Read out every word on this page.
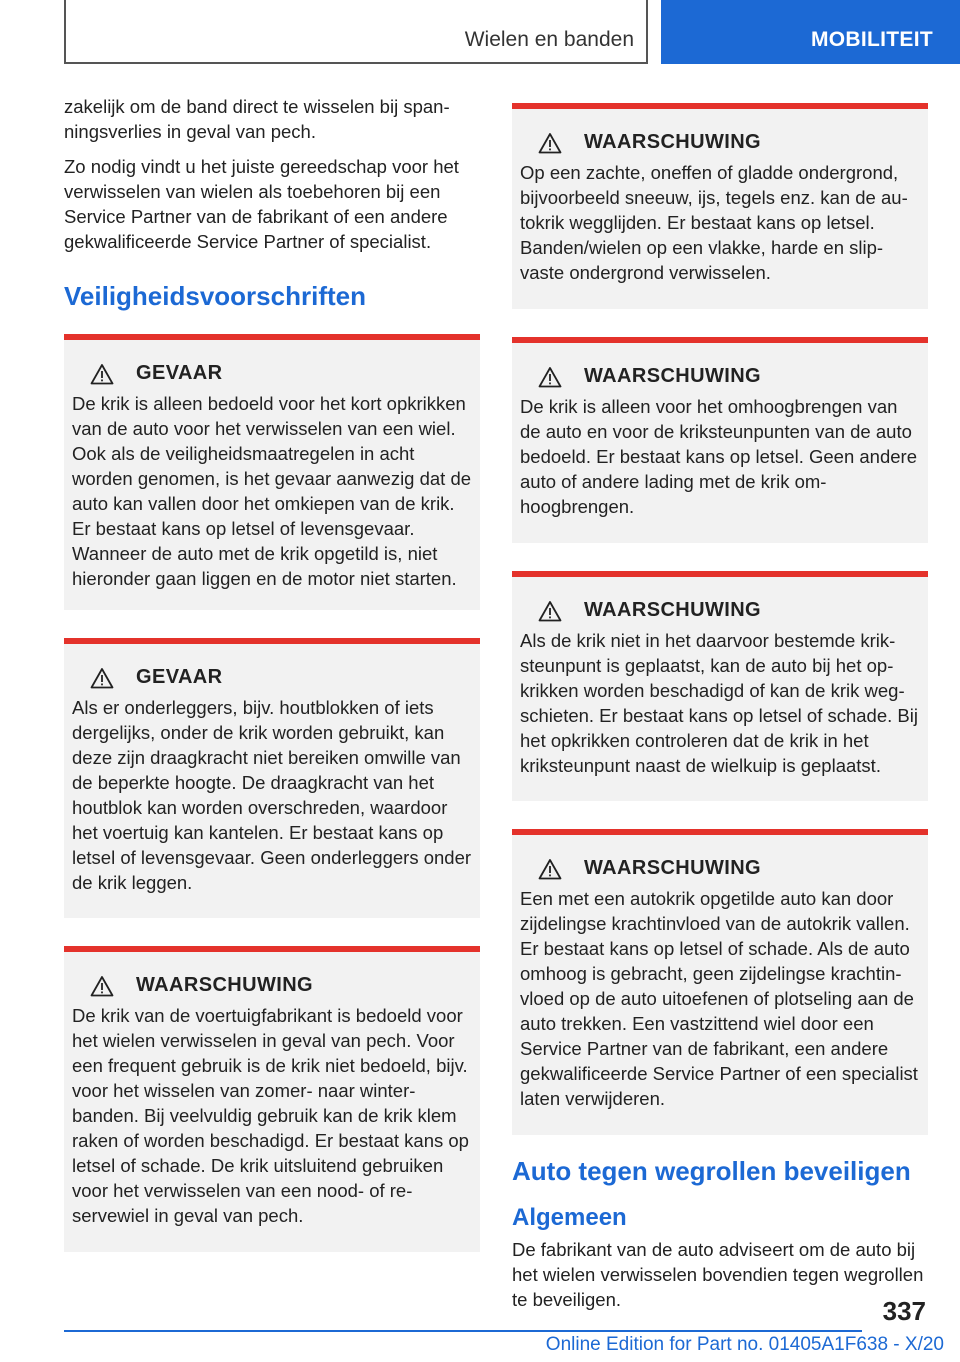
Wielen en banden	MOBILITEIT

zakelijk om de band direct te wisselen bij spanningsverlies in geval van pech.

Zo nodig vindt u het juiste gereedschap voor het verwisselen van wielen als toebehoren bij een Service Partner van de fabrikant of een andere gekwalificeerde Service Partner of specialist.

Veiligheidsvoorschriften
GEVAAR

De krik is alleen bedoeld voor het kort opkrikken van de auto voor het verwisselen van een wiel. Ook als de veiligheidsmaatregelen in acht worden genomen, is het gevaar aanwezig dat de auto kan vallen door het omkiepen van de krik. Er bestaat kans op letsel of levensgevaar. Wanneer de auto met de krik opgetild is, niet hieronder gaan liggen en de motor niet starten.

GEVAAR

Als er onderleggers, bijv. houtblokken of iets dergelijks, onder de krik worden gebruikt, kan deze zijn draagkracht niet bereiken omwille van de beperkte hoogte. De draagkracht van het houtblok kan worden overschreden, waardoor het voertuig kan kantelen. Er bestaat kans op letsel of levensgevaar. Geen onderleggers onder de krik leggen.

WAARSCHUWING

De krik van de voertuigfabrikant is bedoeld voor het wielen verwisselen in geval van pech. Voor een frequent gebruik is de krik niet bedoeld, bijv. voor het wisselen van zomer- naar winterbanden. Bij veelvuldig gebruik kan de krik klem raken of worden beschadigd. Er bestaat kans op letsel of schade. De krik uitsluitend gebruiken voor het verwisselen van een nood- of reservewiel in geval van pech.

WAARSCHUWING

Op een zachte, oneffen of gladde ondergrond, bijvoorbeeld sneeuw, ijs, tegels enz. kan de autokrik wegglijden. Er bestaat kans op letsel. Banden/wielen op een vlakke, harde en slipvaste ondergrond verwisselen.

WAARSCHUWING

De krik is alleen voor het omhoogbrengen van de auto en voor de kriksteunpunten van de auto bedoeld. Er bestaat kans op letsel. Geen andere auto of andere lading met de krik omhoogbrengen.

WAARSCHUWING

Als de krik niet in het daarvoor bestemde kriksteunpunt is geplaatst, kan de auto bij het opkrikken worden beschadigd of kan de krik wegschieten. Er bestaat kans op letsel of schade. Bij het opkrikken controleren dat de krik in het kriksteunpunt naast de wielkuip is geplaatst.

WAARSCHUWING

Een met een autokrik opgetilde auto kan door zijdelingse krachtinvloed van de autokrik vallen. Er bestaat kans op letsel of schade. Als de auto omhoog is gebracht, geen zijdelingse krachtinvloed op de auto uitoefenen of plotseling aan de auto trekken. Een vastzittend wiel door een Service Partner van de fabrikant, een andere gekwalificeerde Service Partner of een specialist laten verwijderen.

Auto tegen wegrollen beveiligen
Algemeen

De fabrikant van de auto adviseert om de auto bij het wielen verwisselen bovendien tegen wegrollen te beveiligen.	337
Online Edition for Part no. 01405A1F638 - X/20
